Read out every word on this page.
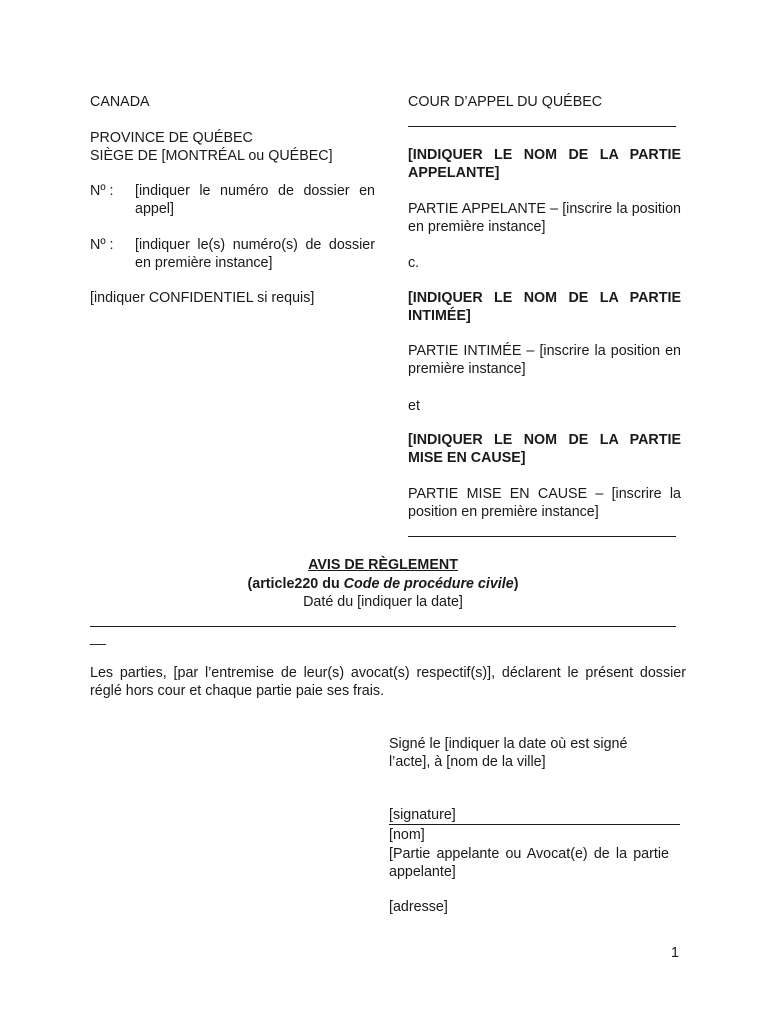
CANADA
PROVINCE DE QUÉBEC
SIÈGE DE [MONTRÉAL ou QUÉBEC]
Nº : [indiquer le numéro de dossier en appel]
Nº : [indiquer le(s) numéro(s) de dossier en première instance]
[indiquer CONFIDENTIEL si requis]
COUR D’APPEL DU QUÉBEC
[INDIQUER LE NOM DE LA PARTIE APPELANTE]
PARTIE APPELANTE – [inscrire la position en première instance]
c.
[INDIQUER LE NOM DE LA PARTIE INTIMÉE]
PARTIE INTIMÉE – [inscrire la position en première instance]
et
[INDIQUER LE NOM DE LA PARTIE MISE EN CAUSE]
PARTIE MISE EN CAUSE – [inscrire la position en première instance]
AVIS DE RÈGLEMENT
(article220 du Code de procédure civile)
Daté du [indiquer la date]
__
Les parties, [par l’entremise de leur(s) avocat(s) respectif(s)], déclarent le présent dossier réglé hors cour et chaque partie paie ses frais.
Signé le [indiquer la date où est signé l’acte], à [nom de la ville]
[signature]
[nom]
[Partie appelante ou Avocat(e) de la partie appelante]
[adresse]
1
